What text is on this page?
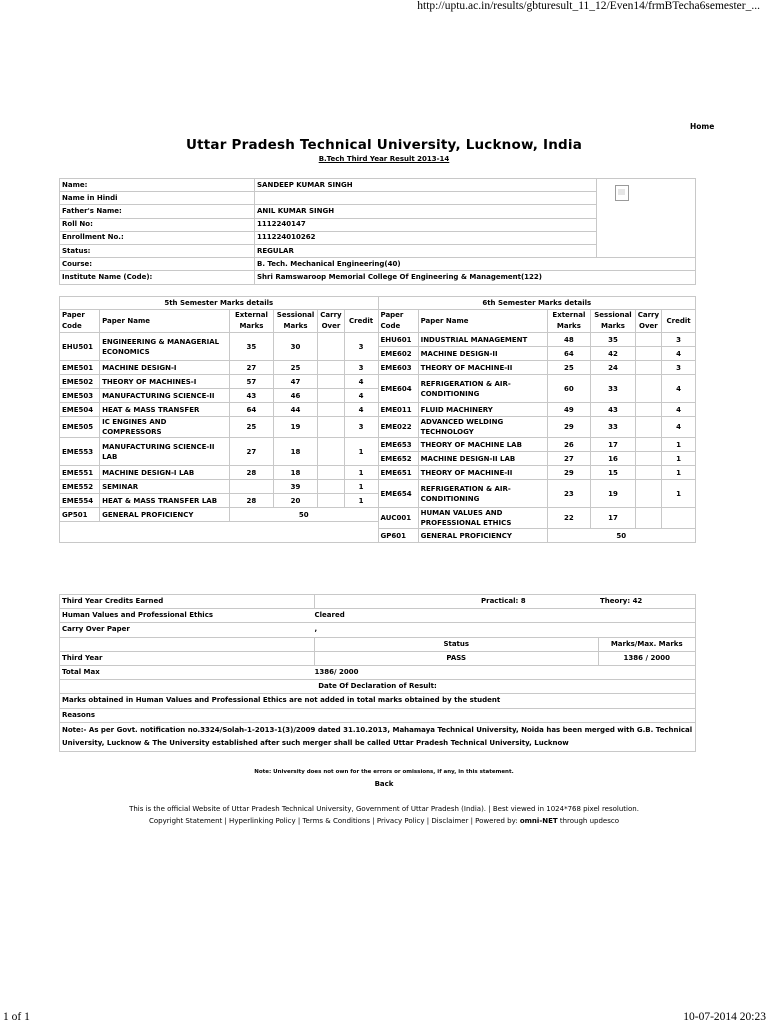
http://uptu.ac.in/results/gbturesult_11_12/Even14/frmBTecha6semester_...
Home
Uttar Pradesh Technical University, Lucknow, India
B.Tech Third Year Result 2013-14
Name:	SANDEEP KUMAR SINGH	

Name in Hindi		
Father's Name:	ANIL KUMAR SINGH	
Roll No:	1112240147	
Enrollment No.:	111224010262	
Status:	REGULAR	
Course:	B. Tech. Mechanical Engineering(40)	
Institute Name (Code):	Shri Ramswaroop Memorial College Of Engineering & Management(122)	
5th Semester Marks details						6th Semester Marks details					
Paper Code	Paper Name	External Marks	Sessional Marks	Carry Over	Credit	Paper Code	Paper Name	External Marks	Sessional Marks	Carry Over	Credit
EHU501	ENGINEERING & MANAGERIAL ECONOMICS	35	30		3	EHU601	INDUSTRIAL MANAGEMENT	48	35		3
						EME602	MACHINE DESIGN-II	64	42		4
EME501	MACHINE DESIGN-I	27	25		3	EME603	THEORY OF MACHINE-II	25	24		3
EME502	THEORY OF MACHINES-I	57	47		4	EME604	REFRIGERATION & AIR-CONDITIONING	60	33		4
EME503	MANUFACTURING SCIENCE-II	43	46		4						
EME504	HEAT & MASS TRANSFER	64	44		4	EME011	FLUID MACHINERY	49	43		4
EME505	IC ENGINES AND COMPRESSORS	25	19		3	EME022	ADVANCED WELDING TECHNOLOGY	29	33		4

EME553	MANUFACTURING SCIENCE-II LAB	27	18		1	EME653	THEORY OF MACHINE LAB	26	17		1
						EME652	MACHINE DESIGN-II LAB	27	16		1
EME551	MACHINE DESIGN-I LAB	28	18		1	EME651	THEORY OF MACHINE-II	29	15		1
EME552	SEMINAR		39		1	EME654	REFRIGERATION & AIR-CONDITIONING	23	19		1
EME554	HEAT & MASS TRANSFER LAB	28	20		1						
GP501	GENERAL PROFICIENCY	50				AUC001	HUMAN VALUES AND PROFESSIONAL ETHICS	22	17		

						GP601	GENERAL PROFICIENCY	50			
Third Year Credits Earned		Practical: 8	Theory: 42
Human Values and Professional Ethics	Cleared		
Carry Over Paper	,		
	Status		Marks/Max. Marks
Third Year	PASS		1386 / 2000
Total Max	1386/ 2000		
Date Of Declaration of Result:			
Marks obtained in Human Values and Professional Ethics are not added in total marks obtained by the student			
Reasons			
Note:- As per Govt. notification no.3324/Solah-1-2013-1(3)/2009 dated 31.10.2013, Mahamaya Technical University, Noida has been merged with G.B. Technical University, Lucknow & The University established after such merger shall be called Uttar Pradesh Technical University, Lucknow			
Note: University does not own for the errors or omissions, if any, in this statement.
Back
This is the official Website of Uttar Pradesh Technical University, Government of Uttar Pradesh (India). | Best viewed in 1024*768 pixel resolution.
Copyright Statement | Hyperlinking Policy | Terms & Conditions | Privacy Policy | Disclaimer | Powered by: omni-NET through updesco
1 of 1	10-07-2014 20:23
